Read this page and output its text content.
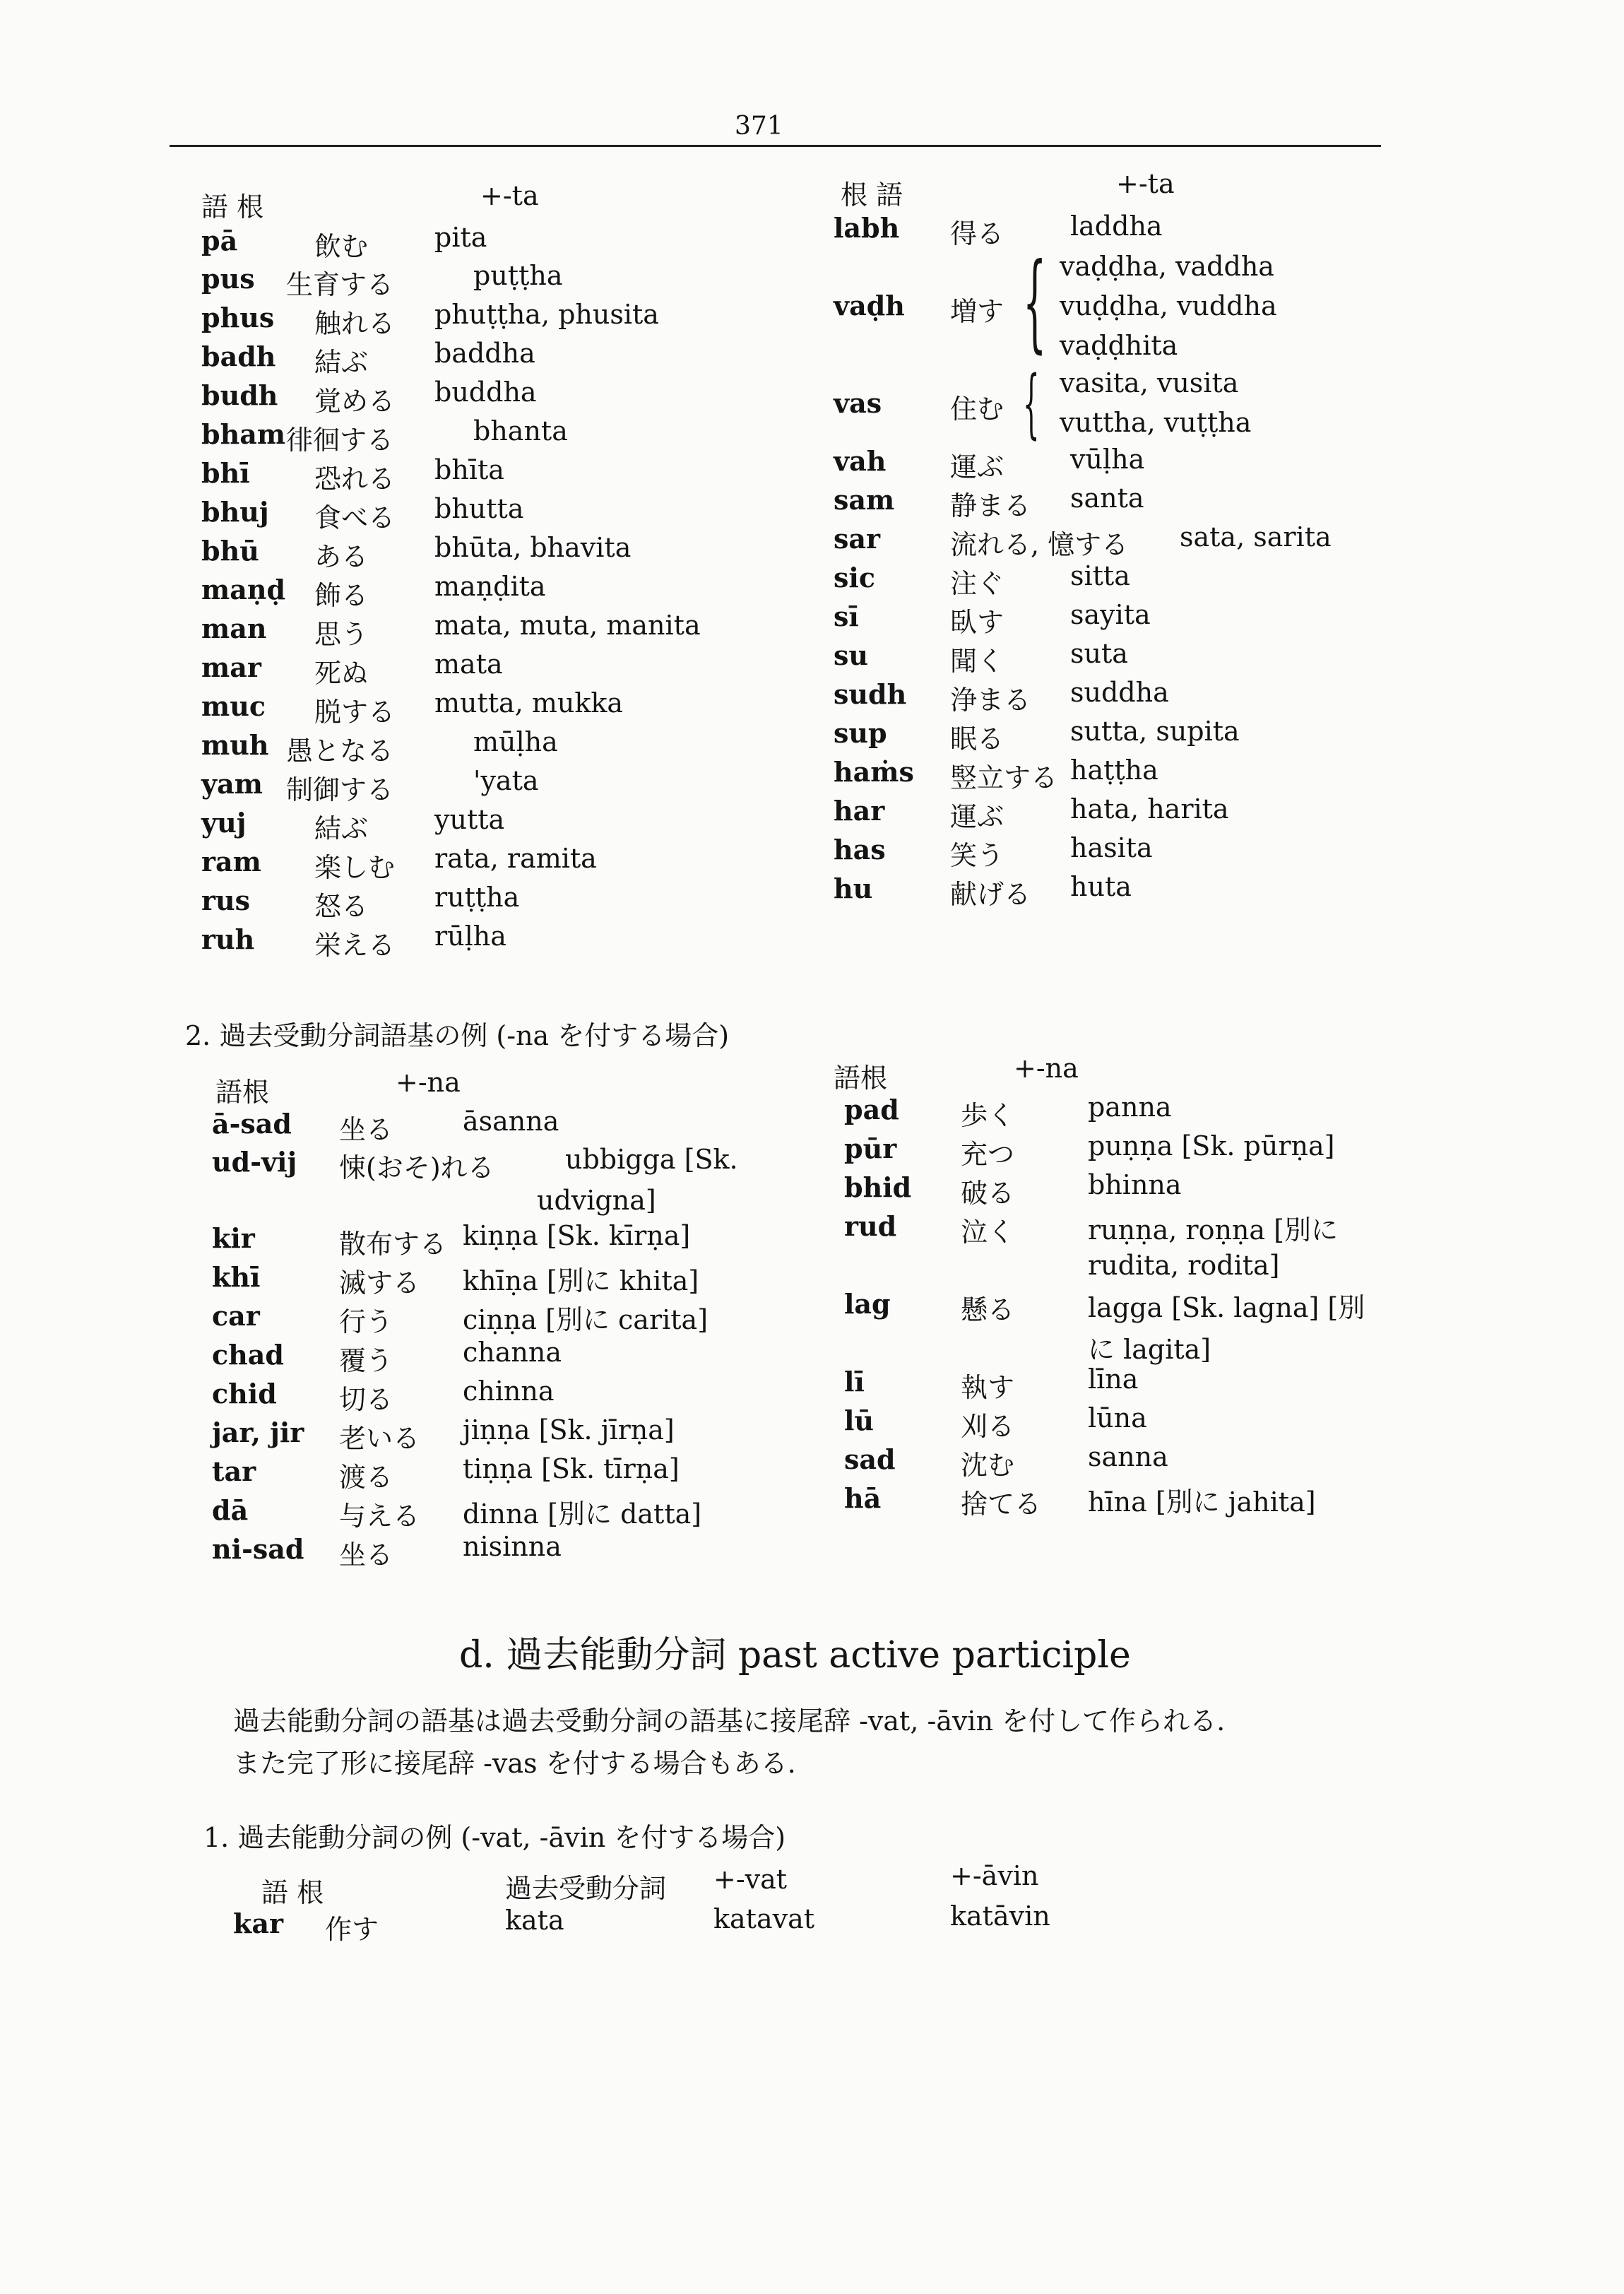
371
語 根	+-ta	根 語	+-ta
pā	飲む pita
pus 生育する	puṭṭha
phus 触れる phuṭṭha, phusita
badh 結ぶ baddha
budh 覚める buddha
bham 徘徊する	bhanta
bhī 恐れる bhīta
bhuj 食べる bhutta
bhū ある bhūta, bhavita
maṇḍ 飾る maṇḍita
man 思う mata, muta, manita
mar 死ぬ mata
muc 脱する mutta, mukka
muh 愚となる	mūḷha
yam 制御する	'yata
yuj	結ぶ yutta
ram 楽しむ rata, ramita
rus 怒る ruṭṭha
ruh 栄える rūḷha
labh 得る laddha
vaḍh 増す { vaḍḍha, vaddha
vuḍḍha, vuddha
vaḍḍhita
vas	住む { vasita, vusita
vuttha, vuṭṭha
vah 運ぶ vūḷha
sam 静まる santa
sar	流れる, 憶する sata, sarita
sic	注ぐ sitta
sī	臥す sayita
su	聞く suta
sudh 浄まる suddha
sup 眠る sutta, supita
haṁs 竪立する haṭṭha
har 運ぶ hata, harita
has 笑う hasita
hu	献げる huta
2. 過去受動分詞語基の例 (-na を付する場合)
語根	+-na	語根	+-na
ā-sad 坐る	āsanna
ud-vij 悚(おそ)れる	ubbigga [Sk.
udvigna]
kir	散布する kiṇṇa [Sk. kīrṇa]
khī	滅する khīṇa [別に khita]
car	行う	ciṇṇa [別に carita]
chad 覆う	channa
chid 切る	chinna
jar, jir 老いる jiṇṇa [Sk. jīrṇa]
tar	渡る	tiṇṇa [Sk. tīrṇa]
dā	与える dinna [別に datta]
ni-sad 坐る	nisinna
pad 歩く	panna
pūr 充つ	puṇṇa [Sk. pūrṇa]
bhid 破る	bhinna
rud 泣く	ruṇṇa, roṇṇa [別に
rudita, rodita]
lag	懸る	lagga [Sk. lagna] [別
に lagita]
lī	執す	līna
lū	刈る	lūna
sad 沈む	sanna
hā	捨てる hīna [別に jahita]
d. 過去能動分詞 past active participle
過去能動分詞の語基は過去受動分詞の語基に接尾辞 -vat, -āvin を付して作られる.
また完了形に接尾辞 -vas を付する場合もある.
1. 過去能動分詞の例 (-vat, -āvin を付する場合)
語 根	過去受動分詞 +-vat	+-āvin
kar 作す	kata	katavat	katāvin
